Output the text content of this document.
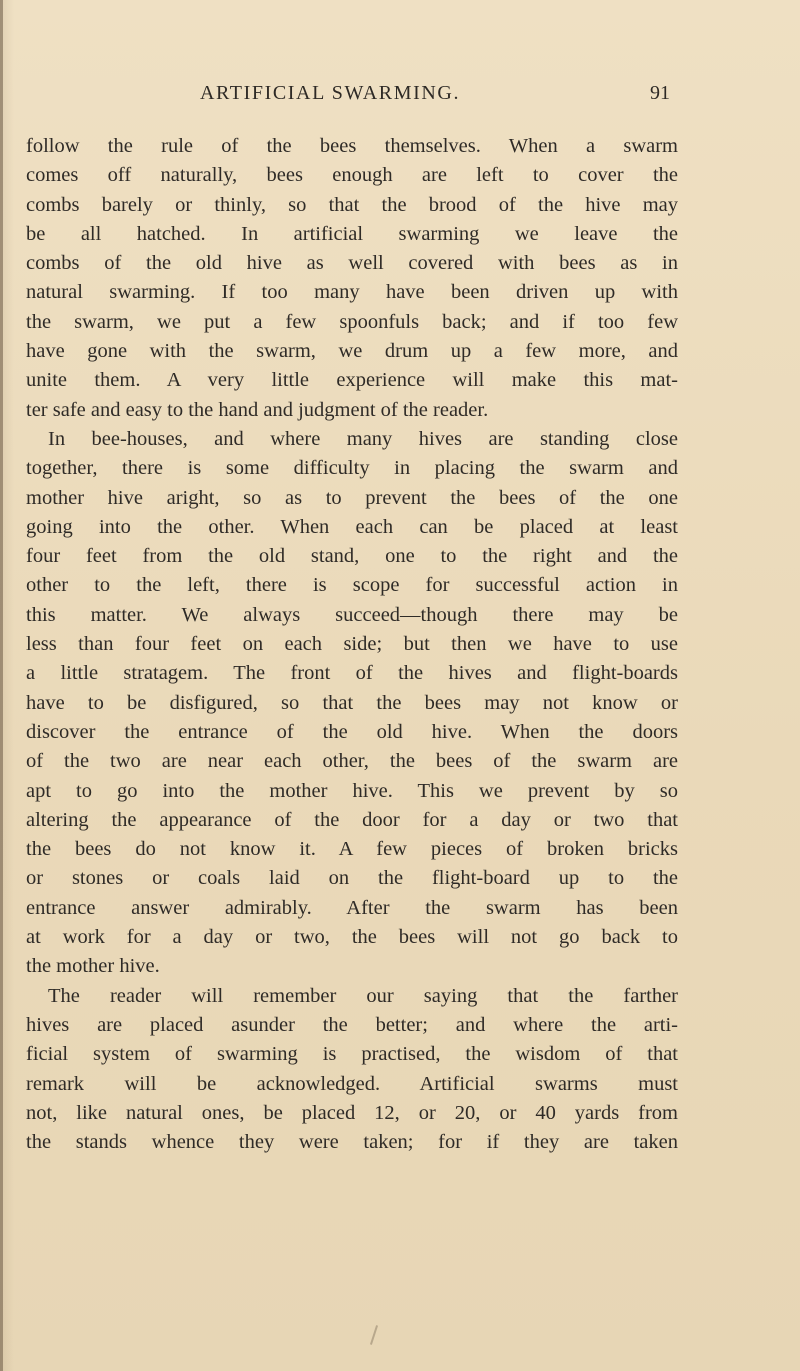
ARTIFICIAL SWARMING.	91
follow the rule of the bees themselves. When a swarm
comes off naturally, bees enough are left to cover the
combs barely or thinly, so that the brood of the hive may
be all hatched. In artificial swarming we leave the
combs of the old hive as well covered with bees as in
natural swarming. If too many have been driven up with
the swarm, we put a few spoonfuls back; and if too few
have gone with the swarm, we drum up a few more, and
unite them. A very little experience will make this mat-
ter safe and easy to the hand and judgment of the reader.
In bee-houses, and where many hives are standing close
together, there is some difficulty in placing the swarm and
mother hive aright, so as to prevent the bees of the one
going into the other. When each can be placed at least
four feet from the old stand, one to the right and the
other to the left, there is scope for successful action in
this matter. We always succeed—though there may be
less than four feet on each side; but then we have to use
a little stratagem. The front of the hives and flight-boards
have to be disfigured, so that the bees may not know or
discover the entrance of the old hive. When the doors
of the two are near each other, the bees of the swarm are
apt to go into the mother hive. This we prevent by so
altering the appearance of the door for a day or two that
the bees do not know it. A few pieces of broken bricks
or stones or coals laid on the flight-board up to the
entrance answer admirably. After the swarm has been
at work for a day or two, the bees will not go back to
the mother hive.
The reader will remember our saying that the farther
hives are placed asunder the better; and where the arti-
ficial system of swarming is practised, the wisdom of that
remark will be acknowledged. Artificial swarms must
not, like natural ones, be placed 12, or 20, or 40 yards from
the stands whence they were taken; for if they are taken
